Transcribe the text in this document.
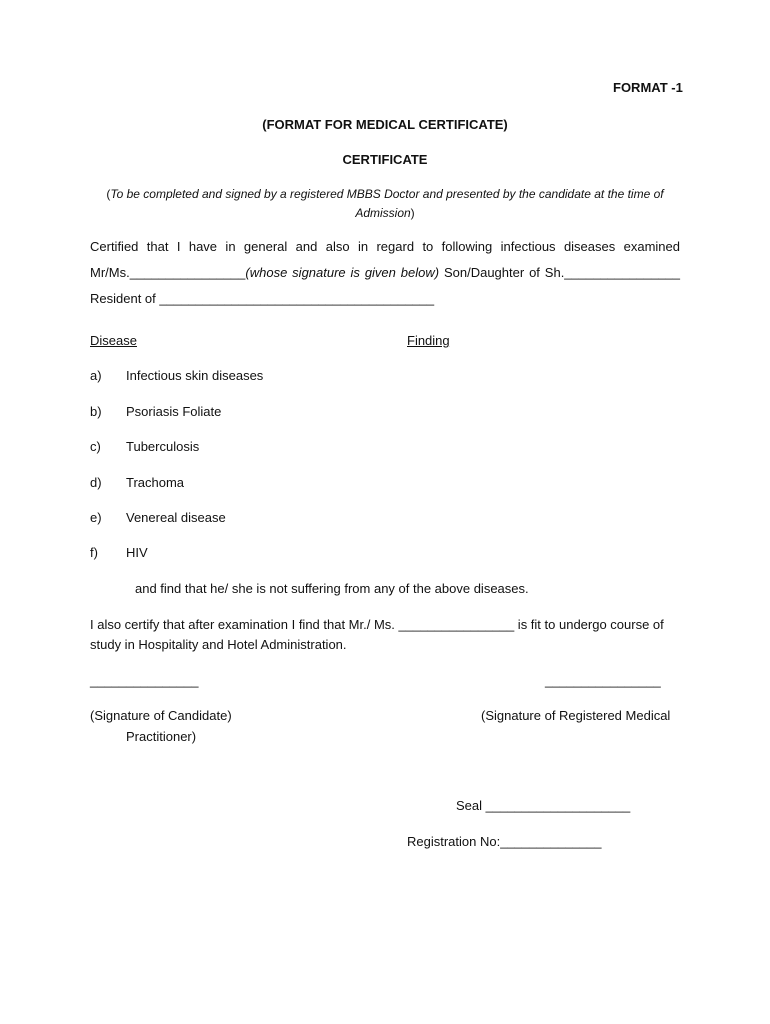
FORMAT -1
(FORMAT FOR MEDICAL CERTIFICATE)
CERTIFICATE
(To be completed and signed by a registered MBBS Doctor and presented by the candidate at the time of
Admission)
Certified that I have in general and also in regard to following infectious diseases examined
Mr/Ms.________________(whose signature is given below) Son/Daughter of Sh.________________
Resident of ______________________________________
Disease	Finding
a) Infectious skin diseases
b) Psoriasis Foliate
c) Tuberculosis
d) Trachoma
e) Venereal disease
f) HIV
and find that he/ she is not suffering from any of the above diseases.
I also certify that after examination I find that Mr./ Ms. ________________ is fit to undergo course of
study in Hospitality and Hotel Administration.
_______________	________________
(Signature of Candidate)	(Signature of Registered Medical
Practitioner)
Seal ____________________
Registration No:______________
